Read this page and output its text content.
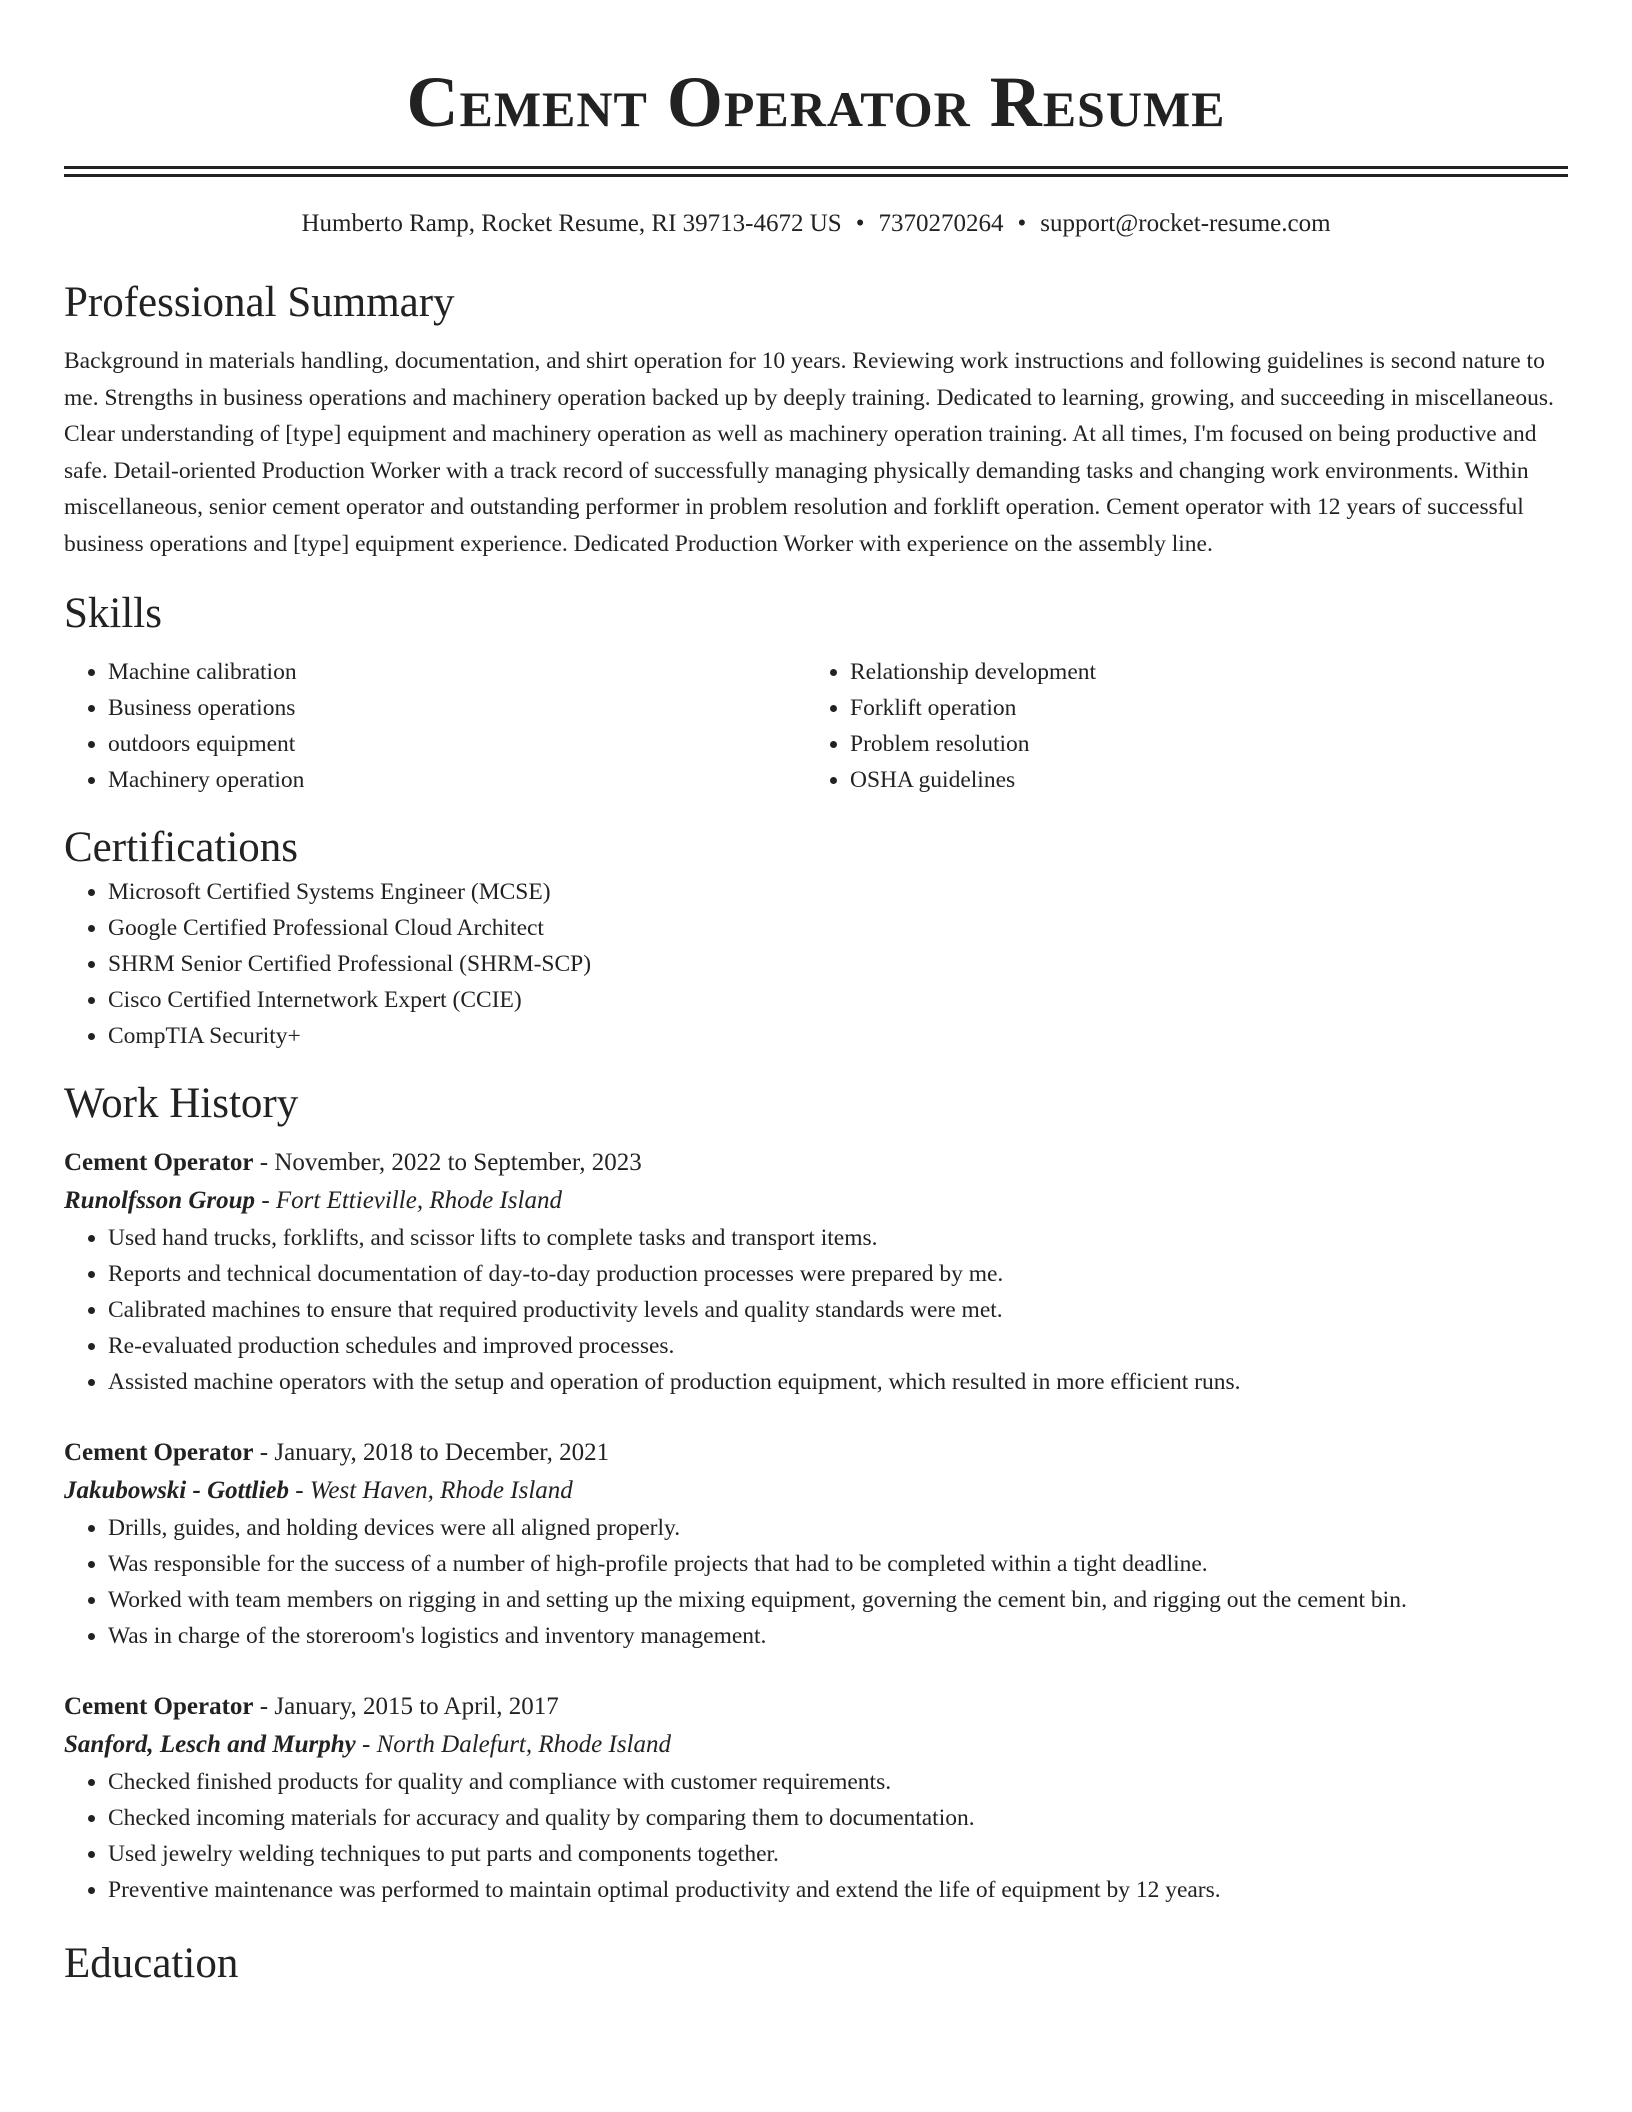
Cement Operator Resume
Humberto Ramp, Rocket Resume, RI 39713-4672 US • 7370270264 • support@rocket-resume.com
Professional Summary

Background in materials handling, documentation, and shirt operation for 10 years. Reviewing work instructions and following guidelines is second nature to me. Strengths in business operations and machinery operation backed up by deeply training. Dedicated to learning, growing, and succeeding in miscellaneous. Clear understanding of [type] equipment and machinery operation as well as machinery operation training. At all times, I'm focused on being productive and safe. Detail-oriented Production Worker with a track record of successfully managing physically demanding tasks and changing work environments. Within miscellaneous, senior cement operator and outstanding performer in problem resolution and forklift operation. Cement operator with 12 years of successful business operations and [type] equipment experience. Dedicated Production Worker with experience on the assembly line.

Skills
• Machine calibration
• Business operations
• outdoors equipment
• Machinery operation
• Relationship development
• Forklift operation
• Problem resolution
• OSHA guidelines
Certifications
• Microsoft Certified Systems Engineer (MCSE)
• Google Certified Professional Cloud Architect
• SHRM Senior Certified Professional (SHRM-SCP)
• Cisco Certified Internetwork Expert (CCIE)
• CompTIA Security+
Work History
Cement Operator - November, 2022 to September, 2023
Runolfsson Group - Fort Ettieville, Rhode Island
• Used hand trucks, forklifts, and scissor lifts to complete tasks and transport items.
• Reports and technical documentation of day-to-day production processes were prepared by me.
• Calibrated machines to ensure that required productivity levels and quality standards were met.
• Re-evaluated production schedules and improved processes.
• Assisted machine operators with the setup and operation of production equipment, which resulted in more efficient runs.
Cement Operator - January, 2018 to December, 2021
Jakubowski - Gottlieb - West Haven, Rhode Island
• Drills, guides, and holding devices were all aligned properly.
• Was responsible for the success of a number of high-profile projects that had to be completed within a tight deadline.
• Worked with team members on rigging in and setting up the mixing equipment, governing the cement bin, and rigging out the cement bin.
• Was in charge of the storeroom's logistics and inventory management.
Cement Operator - January, 2015 to April, 2017
Sanford, Lesch and Murphy - North Dalefurt, Rhode Island
• Checked finished products for quality and compliance with customer requirements.
• Checked incoming materials for accuracy and quality by comparing them to documentation.
• Used jewelry welding techniques to put parts and components together.
• Preventive maintenance was performed to maintain optimal productivity and extend the life of equipment by 12 years.
Education
